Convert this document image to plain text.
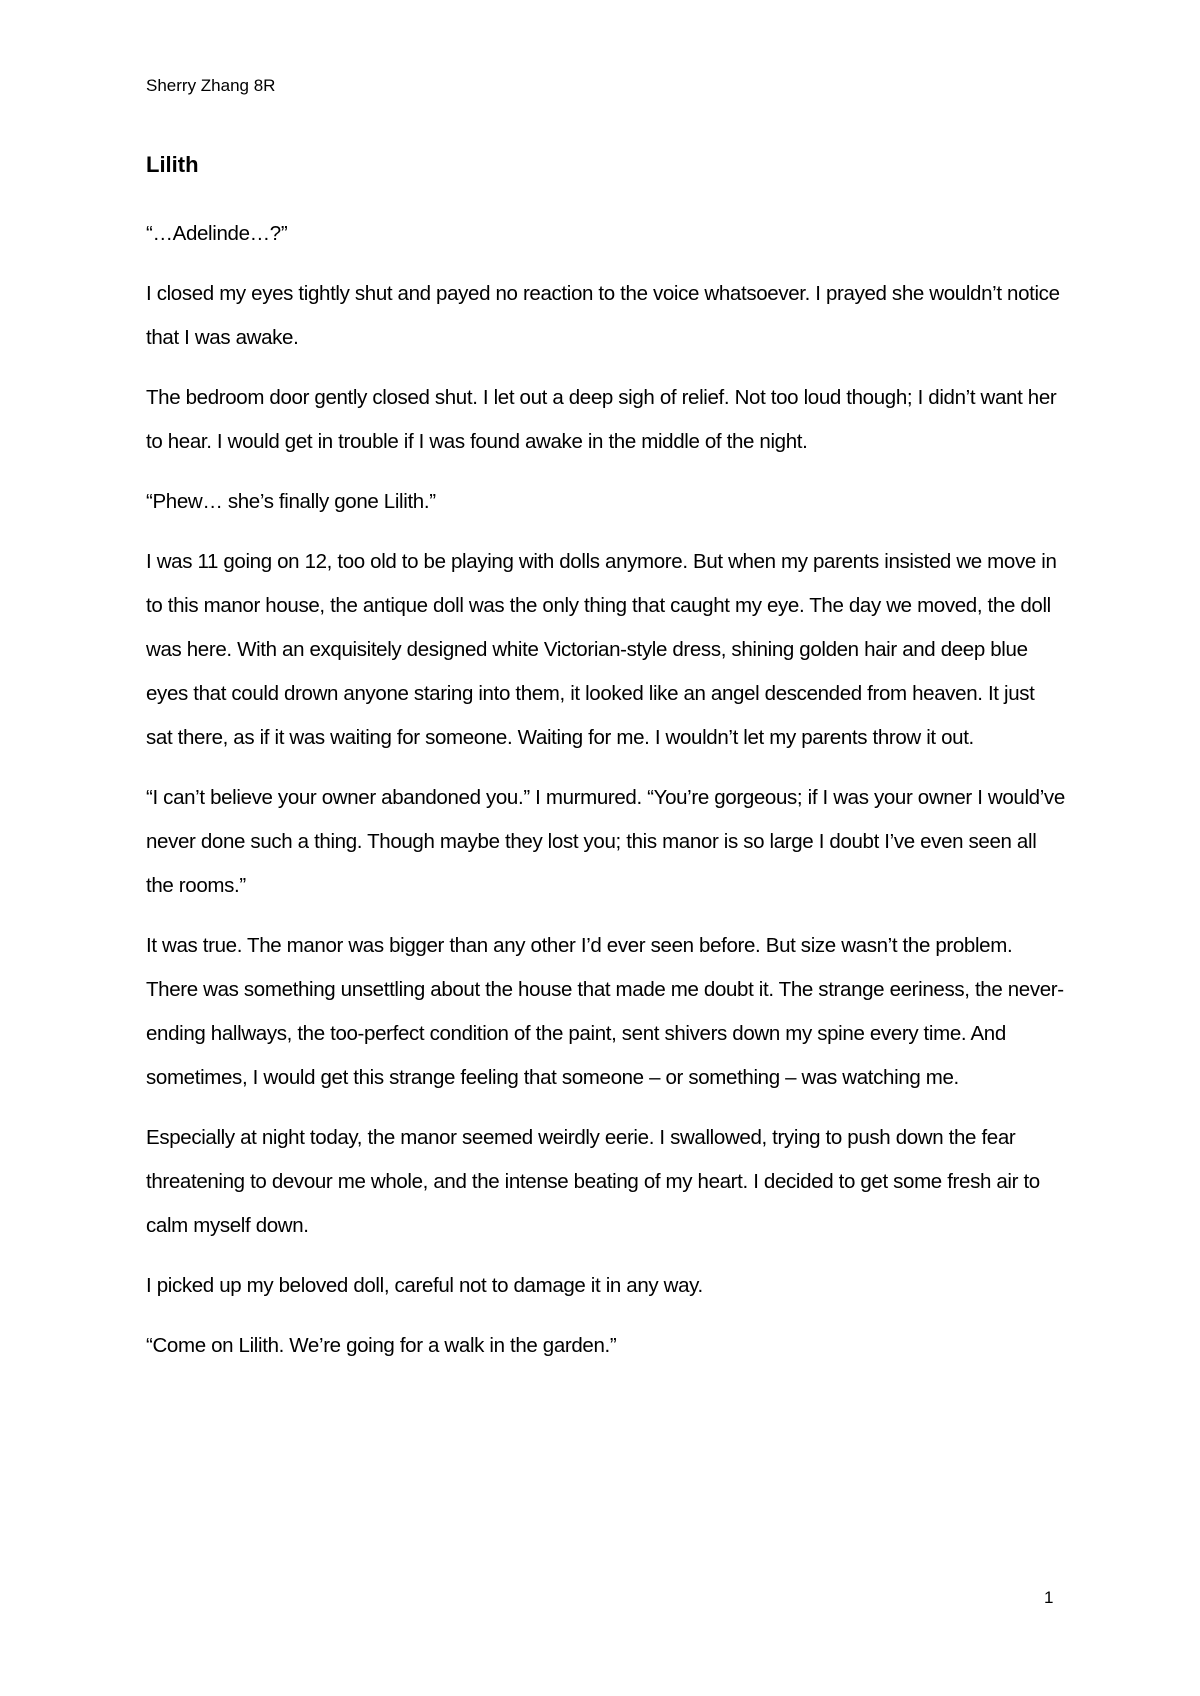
Sherry Zhang 8R
Lilith

“…Adelinde…?”

I closed my eyes tightly shut and payed no reaction to the voice whatsoever. I prayed she wouldn’t notice that I was awake.

The bedroom door gently closed shut. I let out a deep sigh of relief. Not too loud though; I didn’t want her to hear. I would get in trouble if I was found awake in the middle of the night.

“Phew… she’s finally gone Lilith.”

I was 11 going on 12, too old to be playing with dolls anymore. But when my parents insisted we move in to this manor house, the antique doll was the only thing that caught my eye. The day we moved, the doll was here. With an exquisitely designed white Victorian-style dress, shining golden hair and deep blue eyes that could drown anyone staring into them, it looked like an angel descended from heaven. It just sat there, as if it was waiting for someone. Waiting for me. I wouldn’t let my parents throw it out.

“I can’t believe your owner abandoned you.” I murmured. “You’re gorgeous; if I was your owner I would’ve never done such a thing. Though maybe they lost you; this manor is so large I doubt I’ve even seen all the rooms.”

It was true. The manor was bigger than any other I’d ever seen before. But size wasn’t the problem. There was something unsettling about the house that made me doubt it. The strange eeriness, the never-ending hallways, the too-perfect condition of the paint, sent shivers down my spine every time. And sometimes, I would get this strange feeling that someone – or something – was watching me.

Especially at night today, the manor seemed weirdly eerie. I swallowed, trying to push down the fear threatening to devour me whole, and the intense beating of my heart. I decided to get some fresh air to calm myself down.

I picked up my beloved doll, careful not to damage it in any way.

“Come on Lilith. We’re going for a walk in the garden.”

1
